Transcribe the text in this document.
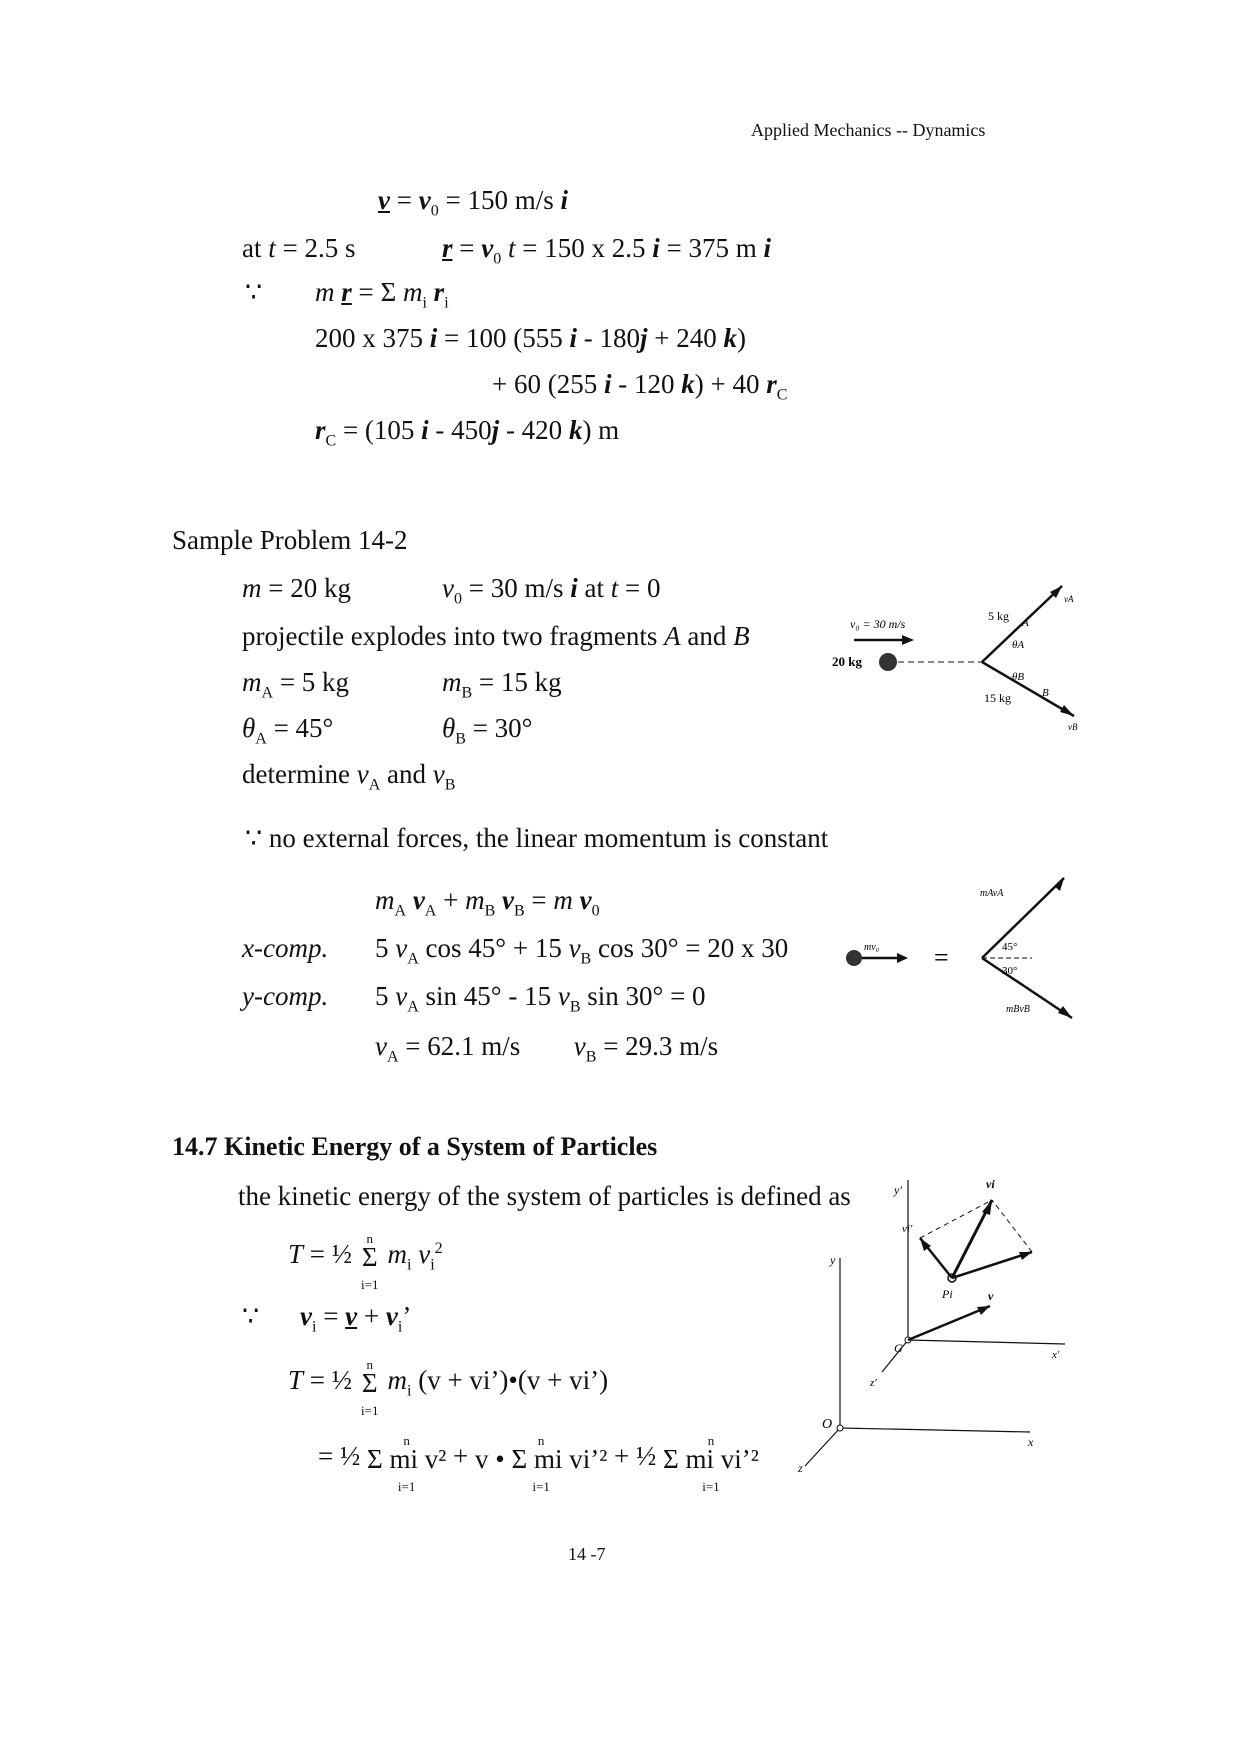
Applied Mechanics -- Dynamics
$v = v_0 = 150$ m/s i
at t = 2.5 s	$r = v_0$ t = 150 x 2.5 i = 375 m i
∵ m r = Σ $m_i$ $r_i$
200 x 375 i = 100 (555 i - 180j + 240 k)
+ 60 (255 i - 120 k) + 40 $r_C$
$r_C = (105$ i - 450j - 420 k) m
Sample Problem 14-2
m = 20 kg	$v_0 = 30$ m/s i at t = 0
projectile explodes into two fragments A and B
$m_A = 5$ kg	$m_B = 15$ kg
$\theta_A = 45^\circ$	$\theta_B = 30^\circ$
determine $v_A$ and $v_B$
∵ no external forces, the linear momentum is constant
$m_A$ $v_A + m_B$ $v_B = m$ $v_0$
x-comp. 5 $v_A$ cos 45° + 15 $v_B$ cos 30° = 20 x 30
y-comp. 5 $v_A$ sin 45° - 15 $v_B$ sin 30° = 0
$v_A = 62.1$ m/s $v_B = 29.3$ m/s
v₀ = 30 m/s
20 kg
5 kg A
θA
θB
15 kg	B
vA
vB
mv₀ =
mAvA
45°
30°
mBvB
14.7 Kinetic Energy of a System of Particles
the kinetic energy of the system of particles is defined as
T = ½
n
Σ
i=1
$m_i$ $v_i^2$
∵ $v_i = v + v_i$’
T = ½
n
Σ
i=1
$m_i$ (v + vi’)•(v + vi’)
= ½
n
Σ mi v²
i=1
+
n
v • Σ mi vi’²
i=1
+ ½
n
Σ mi vi’²
i=1
O
y
x
z
G
y'
x'
z'
v
Pi
vi
vi'
14 -7
